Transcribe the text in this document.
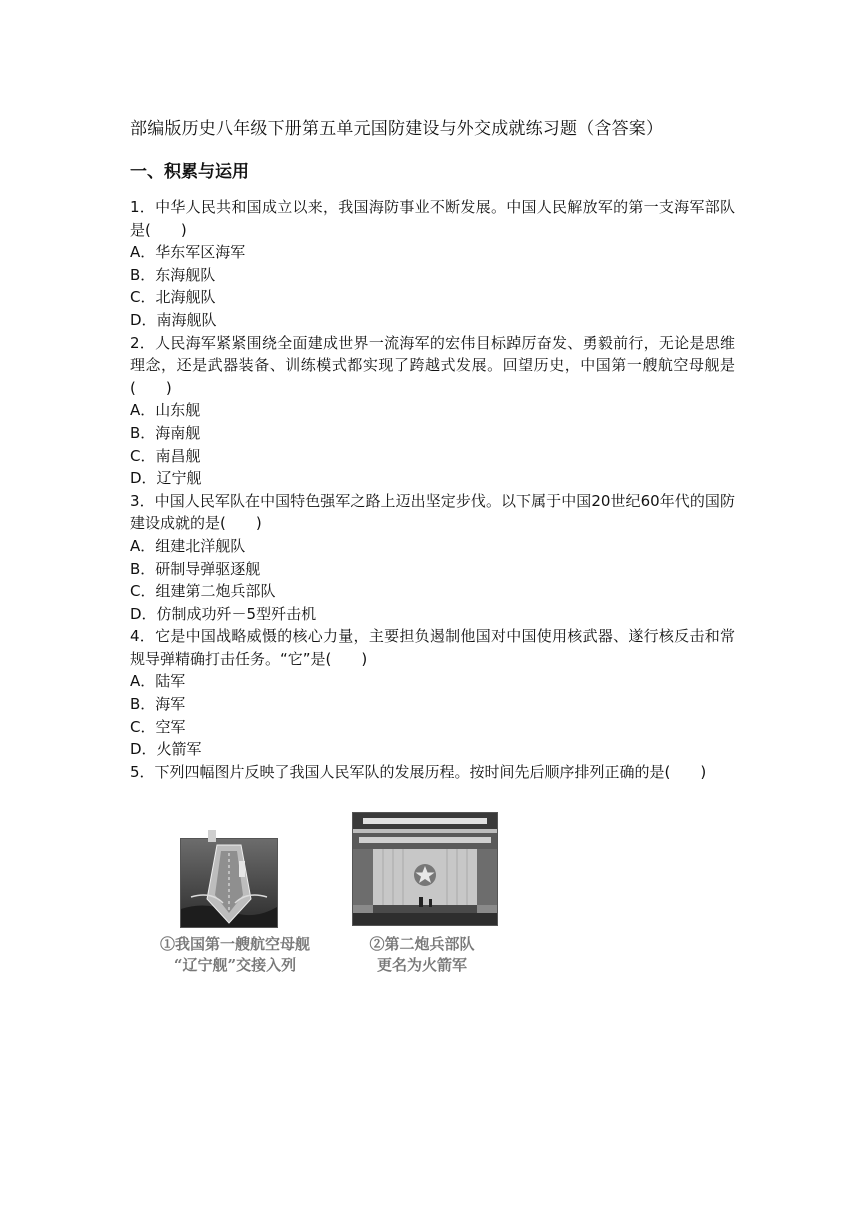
部编版历史八年级下册第五单元国防建设与外交成就练习题（含答案）
一、积累与运用

1．中华人民共和国成立以来，我国海防事业不断发展。中国人民解放军的第一支海军部队是(　　)

A．华东军区海军

B．东海舰队

C．北海舰队

D．南海舰队

2．人民海军紧紧围绕全面建成世界一流海军的宏伟目标踔厉奋发、勇毅前行，无论是思维理念，还是武器装备、训练模式都实现了跨越式发展。回望历史，中国第一艘航空母舰是(　　)

A．山东舰

B．海南舰

C．南昌舰

D．辽宁舰

3．中国人民军队在中国特色强军之路上迈出坚定步伐。以下属于中国20世纪60年代的国防建设成就的是(　　)

A．组建北洋舰队

B．研制导弹驱逐舰

C．组建第二炮兵部队

D．仿制成功歼－5型歼击机

4．它是中国战略威慑的核心力量，主要担负遏制他国对中国使用核武器、遂行核反击和常规导弹精确打击任务。“它”是(　　)

A．陆军

B．海军

C．空军

D．火箭军

5．下列四幅图片反映了我国人民军队的发展历程。按时间先后顺序排列正确的是(　　)

①我国第一艘航空母舰
“辽宁舰”交接入列
②第二炮兵部队
更名为火箭军
